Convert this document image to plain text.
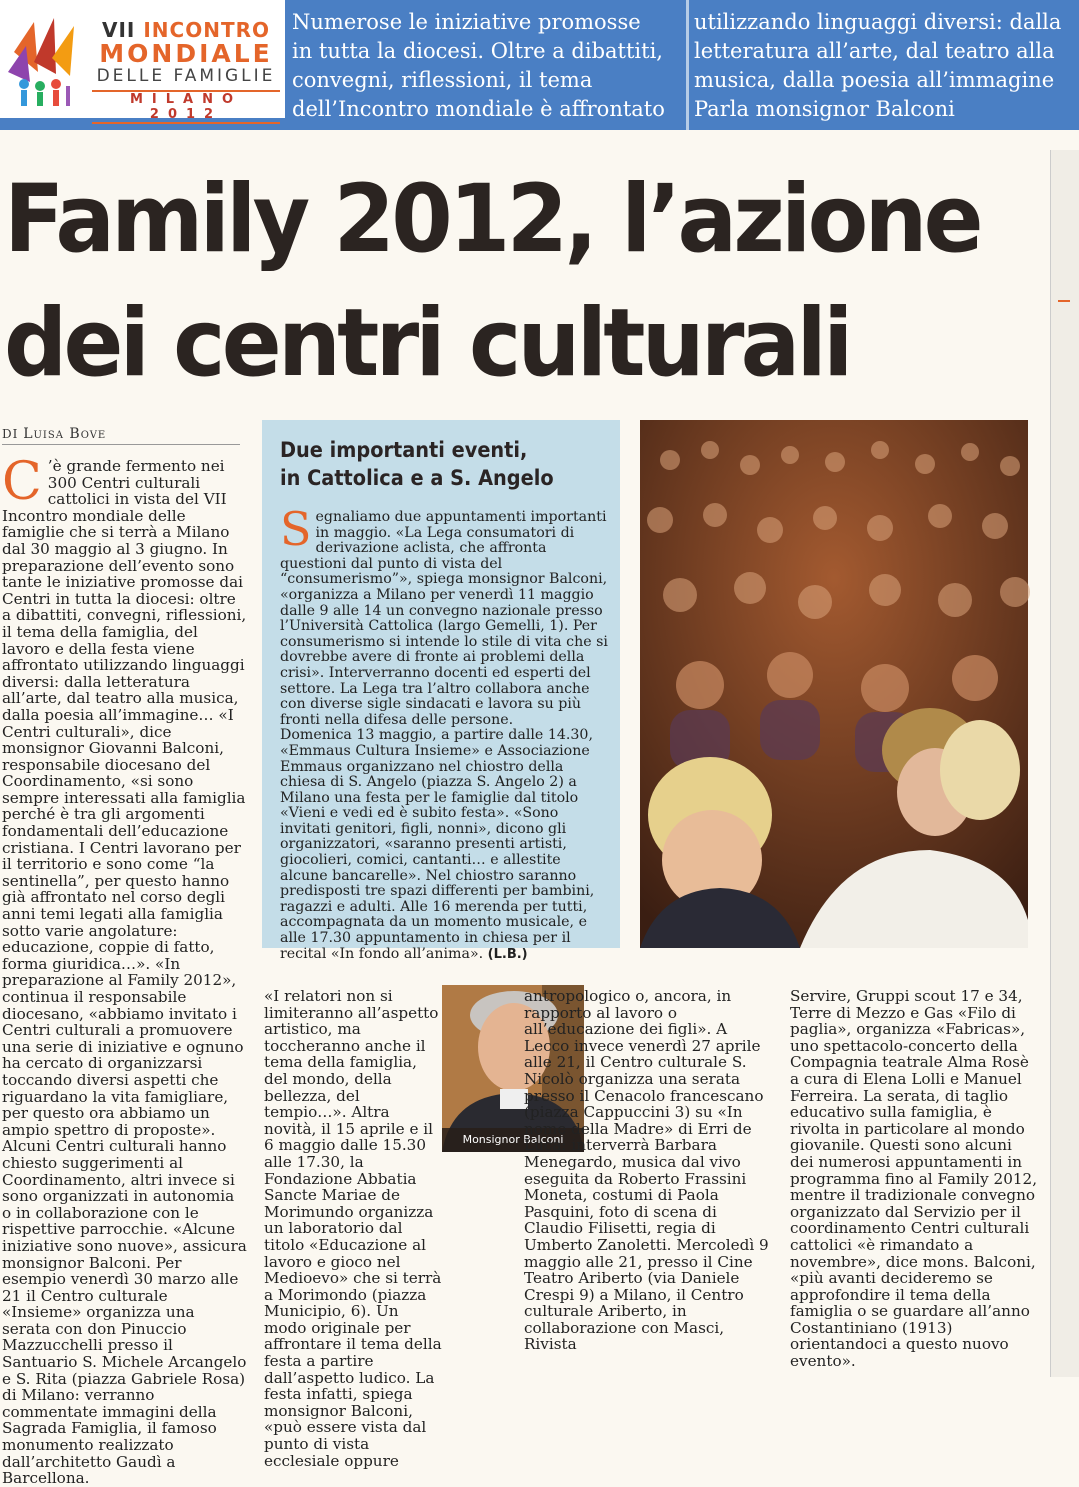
VII INCONTRO
MONDIALE
DELLE FAMIGLIE
MILANO 2012
Numerose le iniziative promosse
in tutta la diocesi. Oltre a dibattiti,
convegni, riflessioni, il tema
dell’Incontro mondiale è affrontato
utilizzando linguaggi diversi: dalla
letteratura all’arte, dal teatro alla
musica, dalla poesia all’immagine
Parla monsignor Balconi
Family 2012, l’azione
dei centri culturali
DI Luisa Bove
C ’è grande fermento nei 300 Centri culturali cattolici in vista del VII Incontro mondiale delle famiglie che si terrà a Milano dal 30 maggio al 3 giugno. In preparazione dell’evento sono tante le iniziative promosse dai Centri in tutta la diocesi: oltre a dibattiti, convegni, riflessioni, il tema della famiglia, del lavoro e della festa viene affrontato utilizzando linguaggi diversi: dalla letteratura all’arte, dal teatro alla musica, dalla poesia all’immagine… «I Centri culturali», dice monsignor Giovanni Balconi, responsabile diocesano del Coordinamento, «si sono sempre interessati alla famiglia perché è tra gli argomenti fondamentali dell’educazione cristiana. I Centri lavorano per il territorio e sono come “la sentinella”, per questo hanno già affrontato nel corso degli anni temi legati alla famiglia sotto varie angolature: educazione, coppie di fatto, forma giuridica…». «In preparazione al Family 2012», continua il responsabile diocesano, «abbiamo invitato i Centri culturali a promuovere una serie di iniziative e ognuno ha cercato di organizzarsi toccando diversi aspetti che riguardano la vita famigliare, per questo ora abbiamo un ampio spettro di proposte». Alcuni Centri culturali hanno chiesto suggerimenti al Coordinamento, altri invece si sono organizzati in autonomia o in collaborazione con le rispettive parrocchie. «Alcune iniziative sono nuove», assicura monsignor Balconi. Per esempio venerdì 30 marzo alle 21 il Centro culturale «Insieme» organizza una serata con don Pinuccio Mazzucchelli presso il Santuario S. Michele Arcangelo e S. Rita (piazza Gabriele Rosa) di Milano: verranno commentate immagini della Sagrada Famiglia, il famoso monumento realizzato dall’architetto Gaudì a Barcellona.
Due importanti eventi,
in Cattolica e a S. Angelo

Segnaliamo due appuntamenti importanti in maggio. «La Lega consumatori di derivazione aclista, che affronta questioni dal punto di vista del “consumerismo”», spiega monsignor Balconi, «organizza a Milano per venerdì 11 maggio dalle 9 alle 14 un convegno nazionale presso l’Università Cattolica (largo Gemelli, 1). Per consumerismo si intende lo stile di vita che si dovrebbe avere di fronte ai problemi della crisi». Interverranno docenti ed esperti del settore. La Lega tra l’altro collabora anche con diverse sigle sindacati e lavora su più fronti nella difesa delle persone.

Domenica 13 maggio, a partire dalle 14.30, «Emmaus Cultura Insieme» e Associazione Emmaus organizzano nel chiostro della chiesa di S. Angelo (piazza S. Angelo 2) a Milano una festa per le famiglie dal titolo «Vieni e vedi ed è subito festa». «Sono invitati genitori, figli, nonni», dicono gli organizzatori, «saranno presenti artisti, giocolieri, comici, cantanti… e allestite alcune bancarelle». Nel chiostro saranno predisposti tre spazi differenti per bambini, ragazzi e adulti. Alle 16 merenda per tutti, accompagnata da un momento musicale, e alle 17.30 appuntamento in chiesa per il recital «In fondo all’anima». (L.B.)

«I relatori non si limiteranno all’aspetto artistico, ma toccheranno anche il tema della famiglia, del mondo, della bellezza, del tempio…». Altra novità, il 15 aprile e il 6 maggio dalle 15.30 alle 17.30, la Fondazione Abbatia Sancte Mariae de Morimundo organizza un laboratorio dal titolo «Educazione al lavoro e gioco nel Medioevo» che si terrà a Morimondo (piazza Municipio, 6). Un modo originale per affrontare il tema della festa a partire dall’aspetto ludico. La festa infatti, spiega monsignor Balconi, «può essere vista dal punto di vista ecclesiale oppure
Monsignor Balconi
antropologico o, ancora, in rapporto al lavoro o all’educazione dei figli». A Lecco invece venerdì 27 aprile alle 21, il Centro culturale S. Nicolò organizza una serata presso il Cenacolo francescano (piazza Cappuccini 3) su «In nome della Madre» di Erri de Luca: interverrà Barbara Menegardo, musica dal vivo eseguita da Roberto Frassini Moneta, costumi di Paola Pasquini, foto di scena di Claudio Filisetti, regia di Umberto Zanoletti. Mercoledì 9 maggio alle 21, presso il Cine Teatro Ariberto (via Daniele Crespi 9) a Milano, il Centro culturale Ariberto, in collaborazione con Masci, Rivista
Servire, Gruppi scout 17 e 34, Terre di Mezzo e Gas «Filo di paglia», organizza «Fabricas», uno spettacolo-concerto della Compagnia teatrale Alma Rosè a cura di Elena Lolli e Manuel Ferreira. La serata, di taglio educativo sulla famiglia, è rivolta in particolare al mondo giovanile. Questi sono alcuni dei numerosi appuntamenti in programma fino al Family 2012, mentre il tradizionale convegno organizzato dal Servizio per il coordinamento Centri culturali cattolici «è rimandato a novembre», dice mons. Balconi, «più avanti decideremo se approfondire il tema della famiglia o se guardare all’anno Costantiniano (1913) orientandoci a questo nuovo evento».
